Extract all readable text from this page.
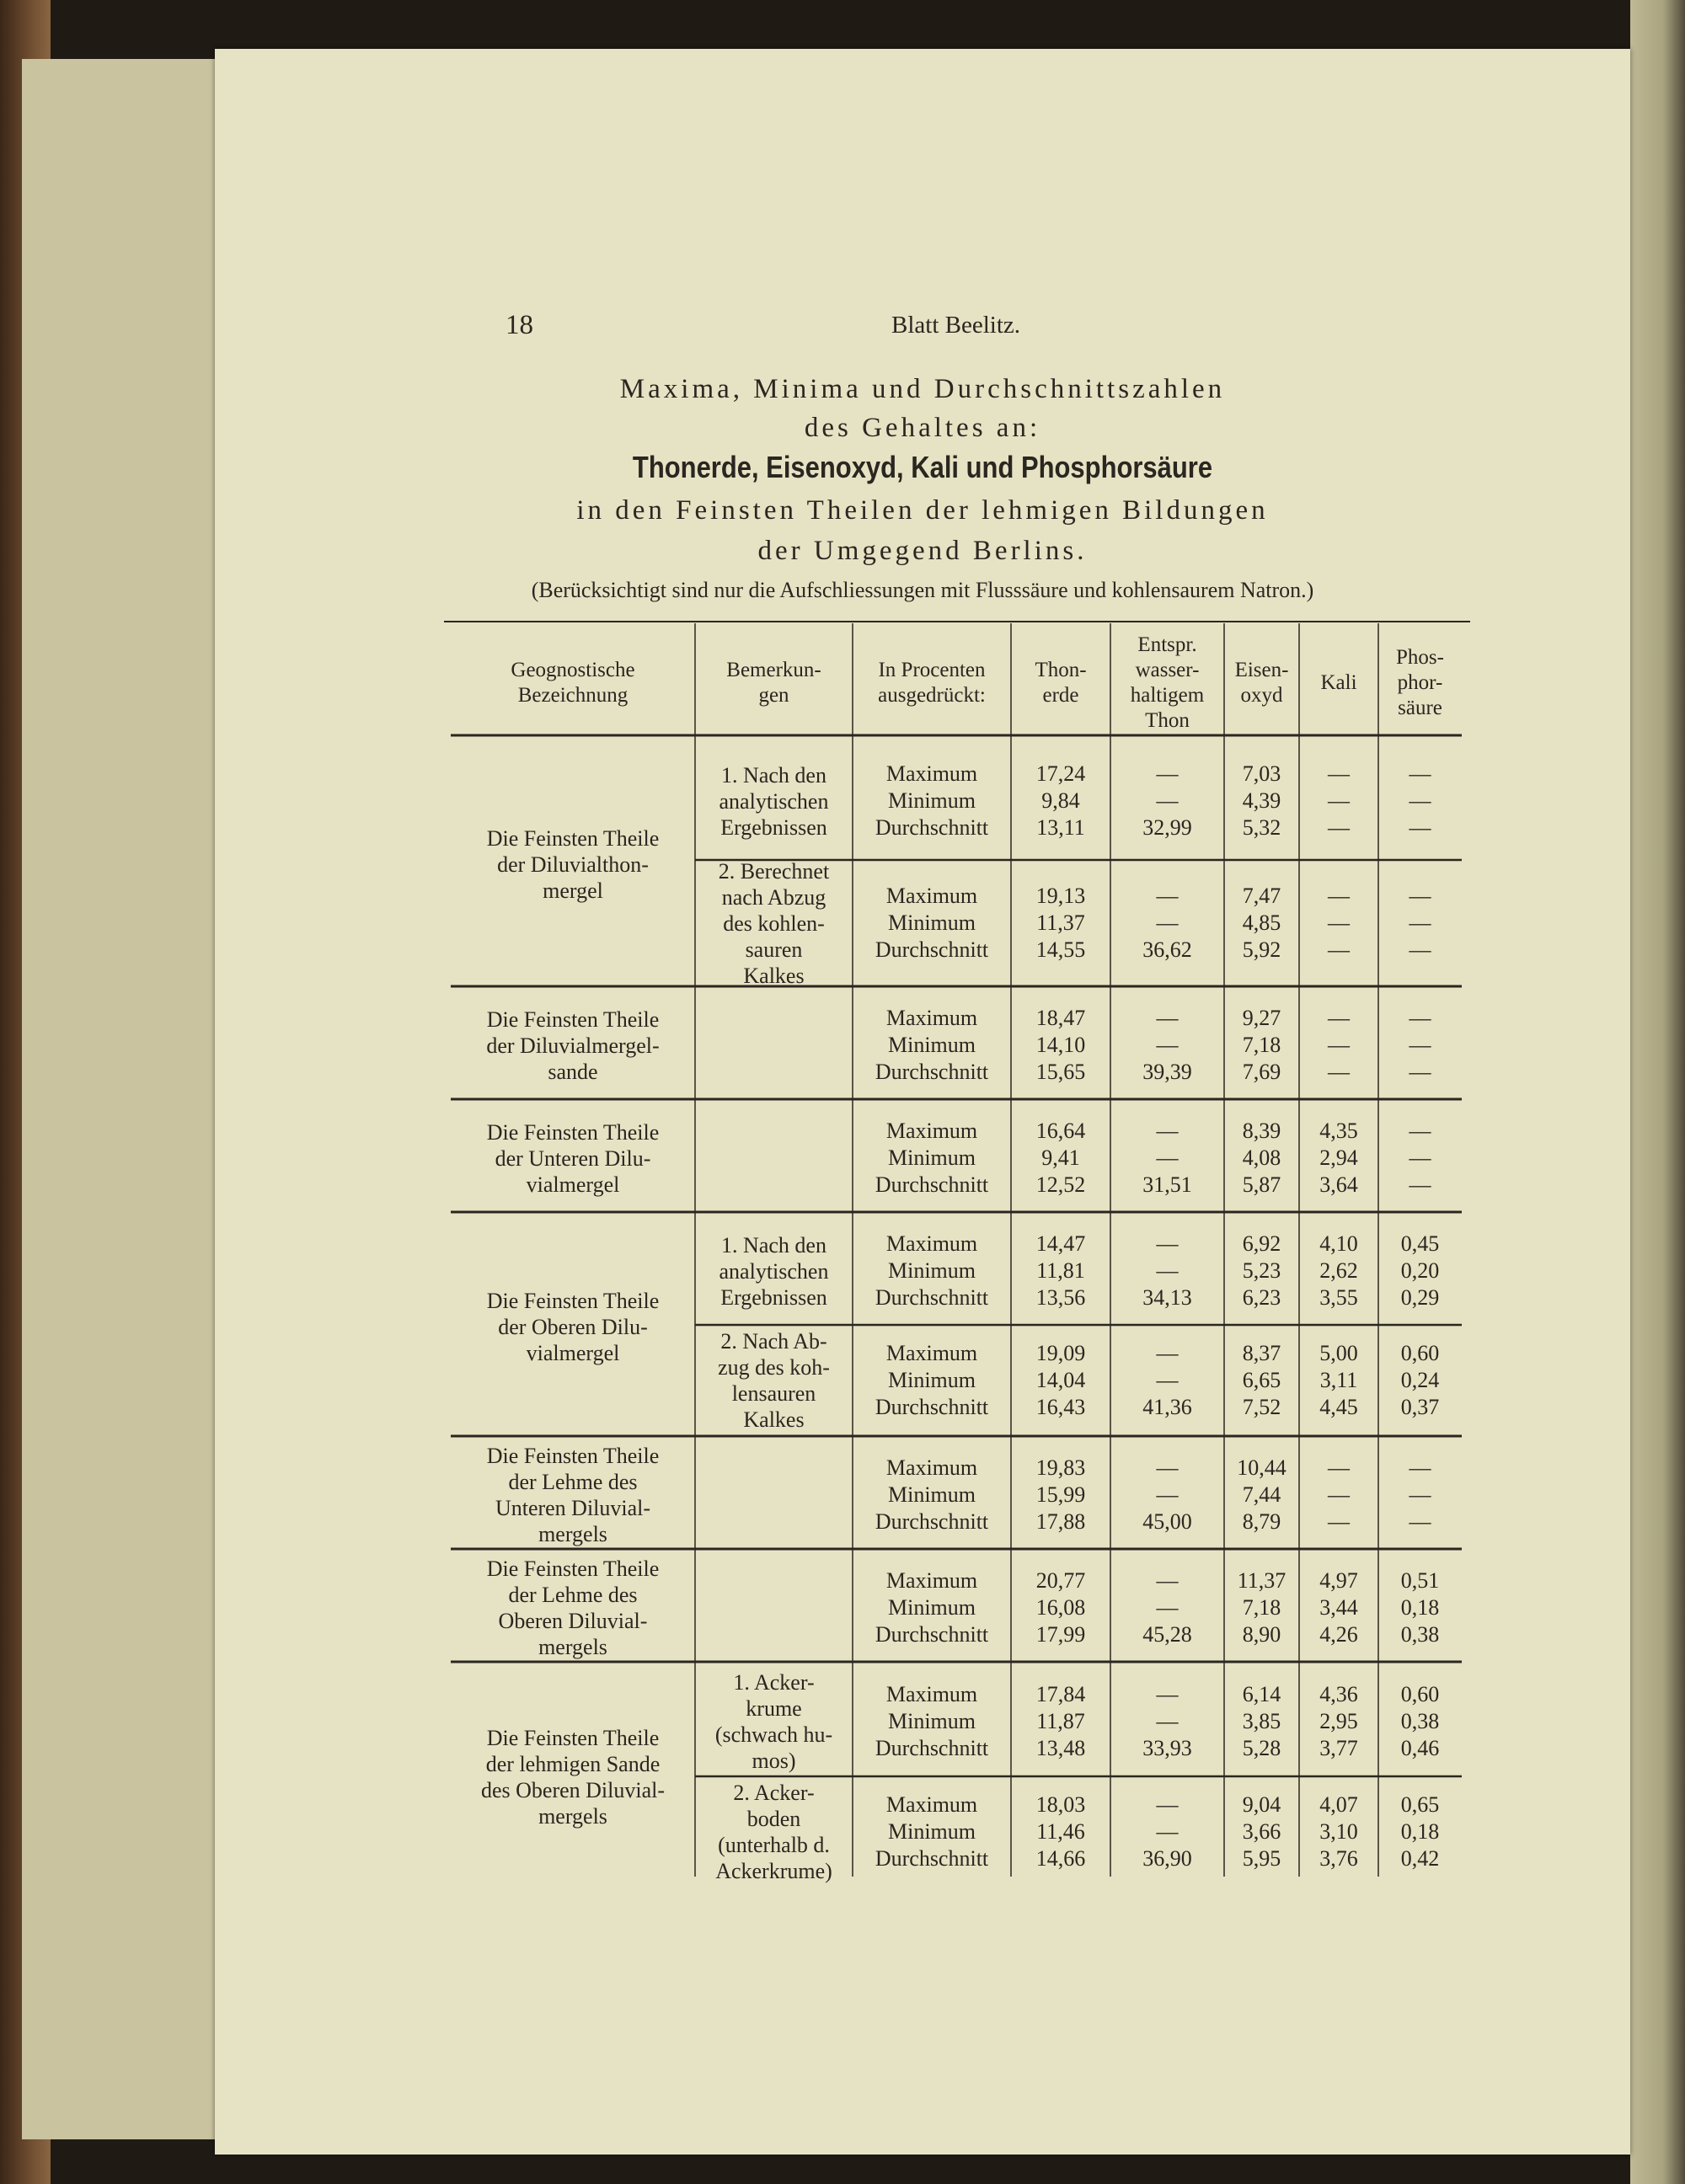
18	Blatt Beelitz.
Maxima, Minima und Durchschnittszahlen
des Gehaltes an:
Thonerde, Eisenoxyd, Kali und Phosphorsäure
in den Feinsten Theilen der lehmigen Bildungen
der Umgegend Berlins.
(Berücksichtigt sind nur die Aufschliessungen mit Flusssäure und kohlensaurem Natron.)
Geognostische
Bezeichnung
Bemerkun-
gen
In Procenten
ausgedrückt:
Thon-
erde
Entspr.
wasser-
haltigem
Thon
Eisen-
oxyd
Kali
Phos-
phor-
säure
1. Nach den
analytischen
Ergebnissen
Maximum
Minimum
Durchschnitt
17,24
9,84
13,11
—
—
32,99
7,03
4,39
5,32
—
—
—
—
—
—
2. Berechnet
nach Abzug
des kohlen-
sauren
Kalkes
Maximum
Minimum
Durchschnitt
19,13
11,37
14,55
—
—
36,62
7,47
4,85
5,92
—
—
—
—
—
—
Die Feinsten Theile
der Diluvialthon-
mergel
Maximum
Minimum
Durchschnitt
18,47
14,10
15,65
—
—
39,39
9,27
7,18
7,69
—
—
—
—
—
—
Die Feinsten Theile
der Diluvialmergel-
sande
Maximum
Minimum
Durchschnitt
16,64
9,41
12,52
—
—
31,51
8,39
4,08
5,87
4,35
2,94
3,64
—
—
—
Die Feinsten Theile
der Unteren Dilu-
vialmergel
1. Nach den
analytischen
Ergebnissen
Maximum
Minimum
Durchschnitt
14,47
11,81
13,56
—
—
34,13
6,92
5,23
6,23
4,10
2,62
3,55
0,45
0,20
0,29
2. Nach Ab-
zug des koh-
lensauren
Kalkes
Maximum
Minimum
Durchschnitt
19,09
14,04
16,43
—
—
41,36
8,37
6,65
7,52
5,00
3,11
4,45
0,60
0,24
0,37
Die Feinsten Theile
der Oberen Dilu-
vialmergel
Maximum
Minimum
Durchschnitt
19,83
15,99
17,88
—
—
45,00
10,44
7,44
8,79
—
—
—
—
—
—
Die Feinsten Theile
der Lehme des
Unteren Diluvial-
mergels
Maximum
Minimum
Durchschnitt
20,77
16,08
17,99
—
—
45,28
11,37
7,18
8,90
4,97
3,44
4,26
0,51
0,18
0,38
Die Feinsten Theile
der Lehme des
Oberen Diluvial-
mergels
1. Acker-
krume
(schwach hu-
mos)
Maximum
Minimum
Durchschnitt
17,84
11,87
13,48
—
—
33,93
6,14
3,85
5,28
4,36
2,95
3,77
0,60
0,38
0,46
2. Acker-
boden
(unterhalb d.
Ackerkrume)
Maximum
Minimum
Durchschnitt
18,03
11,46
14,66
—
—
36,90
9,04
3,66
5,95
4,07
3,10
3,76
0,65
0,18
0,42
Die Feinsten Theile
der lehmigen Sande
des Oberen Diluvial-
mergels
